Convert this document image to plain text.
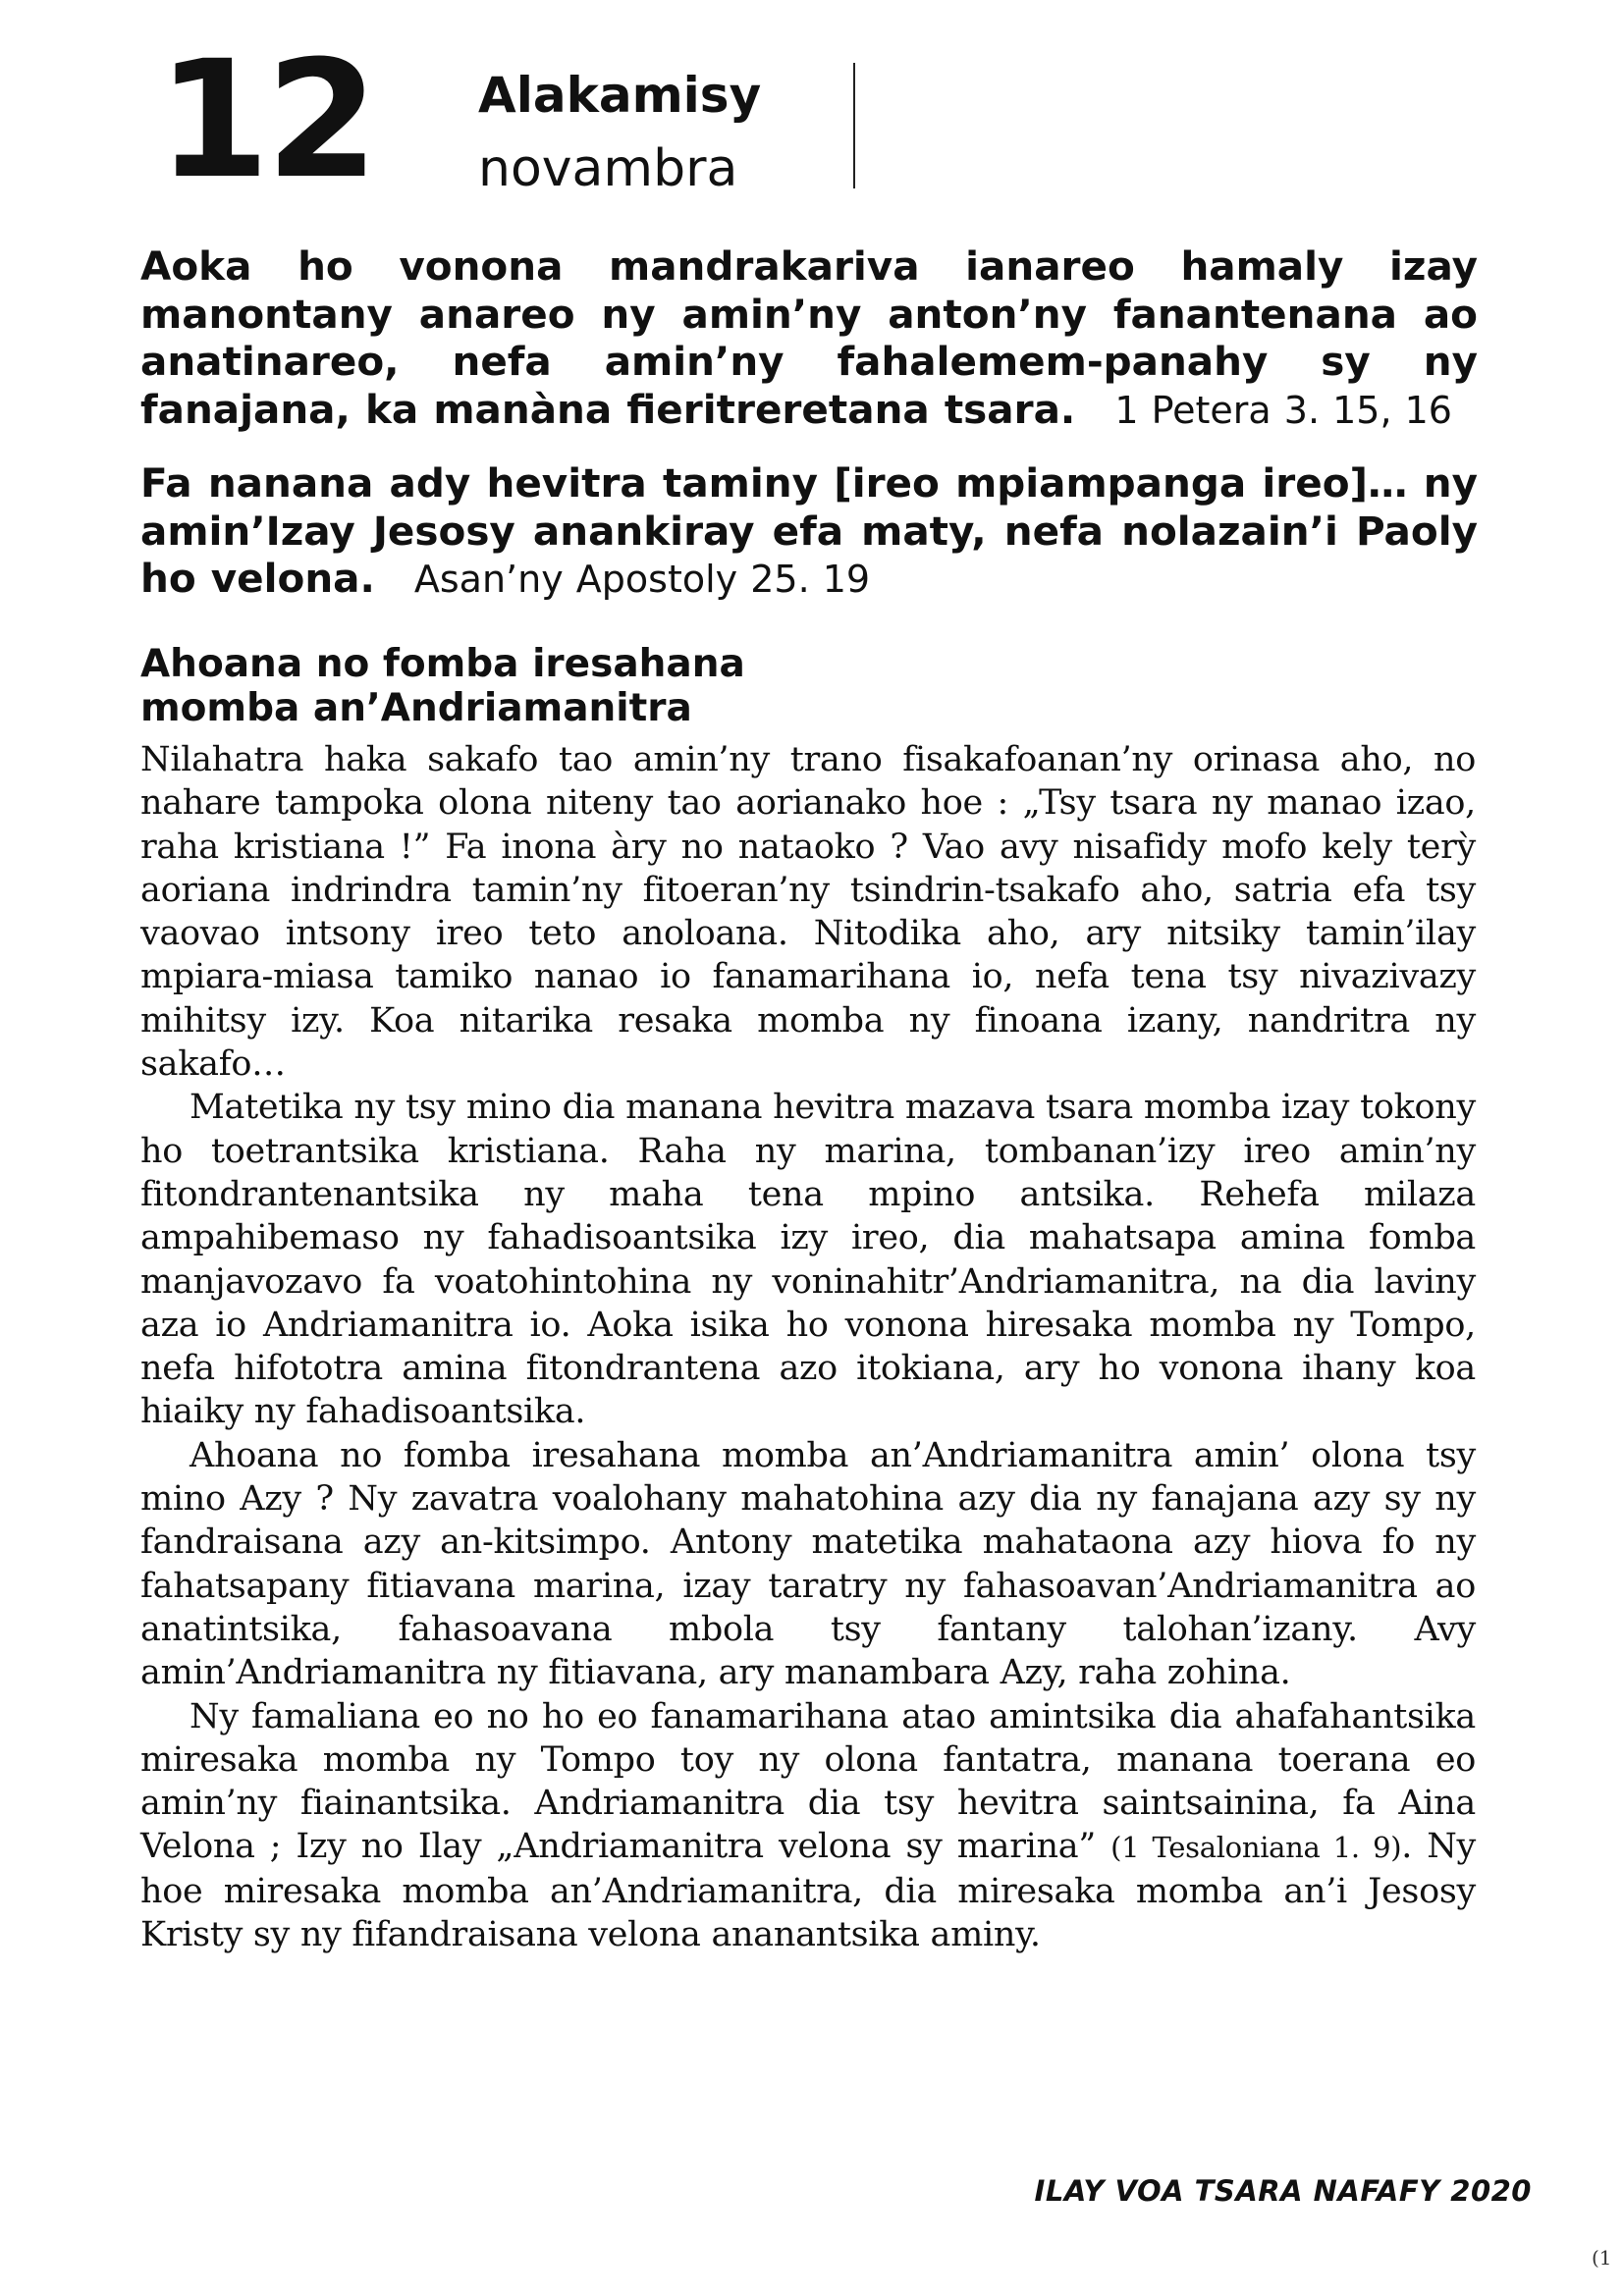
12 Alakamisy
novambra
Aoka ho vonona mandrakariva ianareo hamaly izay manontany anareo ny amin’ny anton’ny fanantenana ao anatinareo, nefa amin’ny fahalemem-panahy sy ny fanajana, ka manàna fieritreretana tsara. 1 Petera 3. 15, 16
Fa nanana ady hevitra taminy [ireo mpiampanga ireo]… ny amin’Izay Jesosy anankiray efa maty, nefa nolazain’i Paoly ho velona. Asan’ny Apostoly 25. 19
Ahoana no fomba iresahana
momba an’Andriamanitra

Nilahatra haka sakafo tao amin’ny trano fisakafoanan’ny orinasa aho, no nahare tampoka olona niteny tao aorianako hoe : „Tsy tsara ny manao izao, raha kristiana !” Fa inona àry no nataoko ? Vao avy nisafidy mofo kely terỳ aoriana indrindra tamin’ny fitoeran’ny tsindrin-tsakafo aho, satria efa tsy vaovao intsony ireo teto anoloana. Nitodika aho, ary nitsiky tamin’ilay mpiara-miasa tamiko nanao io fanamarihana io, nefa tena tsy nivazivazy mihitsy izy. Koa nitarika resaka momba ny finoana izany, nandritra ny sakafo…

Matetika ny tsy mino dia manana hevitra mazava tsara momba izay tokony ho toetrantsika kristiana. Raha ny marina, tombanan’izy ireo amin’ny fitondrantenantsika ny maha tena mpino antsika. Rehefa milaza ampahibemaso ny fahadisoantsika izy ireo, dia mahatsapa amina fomba manjavozavo fa voatohintohina ny voninahitr’Andriamanitra, na dia laviny aza io Andriamanitra io. Aoka isika ho vonona hiresaka momba ny Tompo, nefa hifototra amina fitondrantena azo itokiana, ary ho vonona ihany koa hiaiky ny fahadisoantsika.

Ahoana no fomba iresahana momba an’Andriamanitra amin’ olona tsy mino Azy ? Ny zavatra voalohany mahatohina azy dia ny fanajana azy sy ny fandraisana azy an-kitsimpo. Antony matetika mahataona azy hiova fo ny fahatsapany fitiavana marina, izay taratry ny fahasoavan’Andriamanitra ao anatintsika, fahasoavana mbola tsy fantany talohan’izany. Avy amin’Andriamanitra ny fitiavana, ary manambara Azy, raha zohina.

Ny famaliana eo no ho eo fanamarihana atao amintsika dia ahafahantsika miresaka momba ny Tompo toy ny olona fantatra, manana toerana eo amin’ny fiainantsika. Andriamanitra dia tsy hevitra saintsainina, fa Aina Velona ; Izy no Ilay „Andriamanitra velona sy marina” (1 Tesaloniana 1. 9). Ny hoe miresaka momba an’Andriamanitra, dia miresaka momba an’i Jesosy Kristy sy ny fifandraisana velona ananantsika aminy.

ILAY VOA TSARA NAFAFY 2020
(1
